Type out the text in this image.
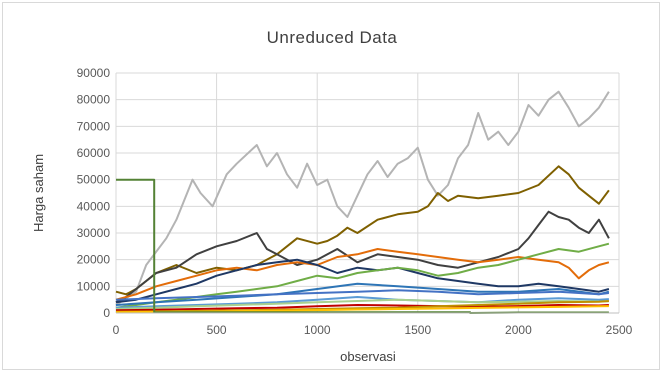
Unreduced Data
0
10000
20000
30000
40000
50000
60000
70000
80000
90000
0	500	1000	1500	2000	2500
Harga saham
observasi
